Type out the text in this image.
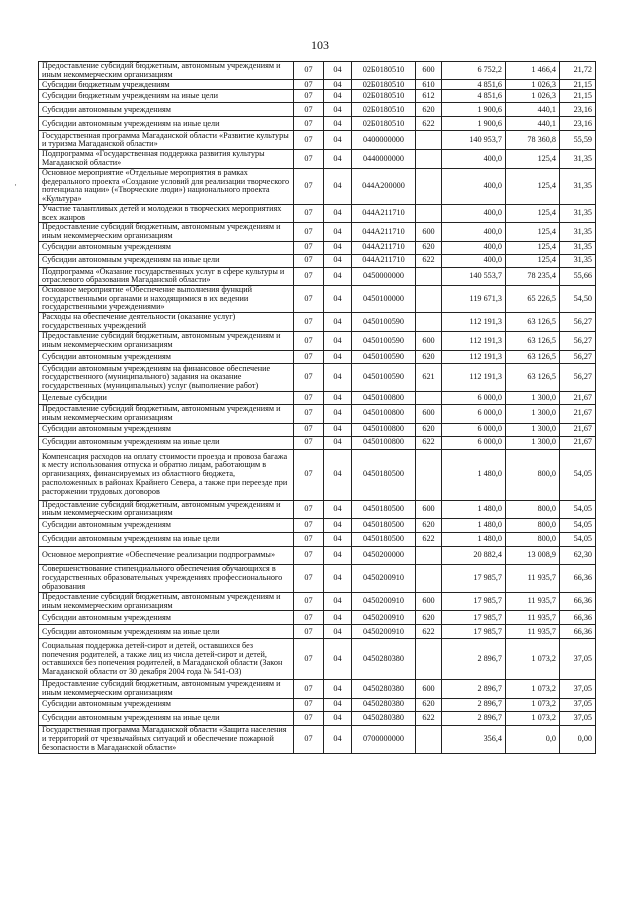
103
·
Предоставление субсидий бюджетным, автономным учреждениям и иным некоммерческим организациям	07	04	02Б0180510	600	6 752,2	1 466,4	21,72
Субсидии бюджетным учреждениям	07	04	02Б0180510	610	4 851,6	1 026,3	21,15
Субсидии бюджетным учреждениям на иные цели	07	04	02Б0180510	612	4 851,6	1 026,3	21,15
Субсидии автономным учреждениям	07	04	02Б0180510	620	1 900,6	440,1	23,16
Субсидии автономным учреждениям на иные цели	07	04	02Б0180510	622	1 900,6	440,1	23,16
Государственная программа Магаданской области «Развитие культуры и туризма Магаданской области»	07	04	0400000000		140 953,7	78 360,8	55,59
Подпрограмма «Государственная поддержка развития культуры Магаданской области»	07	04	0440000000		400,0	125,4	31,35
Основное мероприятие «Отдельные мероприятия в рамках федерального проекта «Создание условий для реализации творческого потенциала нации» («Творческие люди») национального проекта «Культура»	07	04	044A200000		400,0	125,4	31,35
Участие талантливых детей и молодежи в творческих мероприятиях всех жанров	07	04	044A211710		400,0	125,4	31,35
Предоставление субсидий бюджетным, автономным учреждениям и иным некоммерческим организациям	07	04	044A211710	600	400,0	125,4	31,35
Субсидии автономным учреждениям	07	04	044A211710	620	400,0	125,4	31,35
Субсидии автономным учреждениям на иные цели	07	04	044A211710	622	400,0	125,4	31,35
Подпрограмма «Оказание государственных услуг в сфере культуры и отраслевого образования Магаданской области»	07	04	0450000000		140 553,7	78 235,4	55,66
Основное мероприятие «Обеспечение выполнения функций государственными органами и находящимися в их ведении государственными учреждениями»	07	04	0450100000		119 671,3	65 226,5	54,50
Расходы на обеспечение деятельности (оказание услуг) государственных учреждений	07	04	0450100590		112 191,3	63 126,5	56,27
Предоставление субсидий бюджетным, автономным учреждениям и иным некоммерческим организациям	07	04	0450100590	600	112 191,3	63 126,5	56,27
Субсидии автономным учреждениям	07	04	0450100590	620	112 191,3	63 126,5	56,27
Субсидии автономным учреждениям на финансовое обеспечение государственного (муниципального) задания на оказание государственных (муниципальных) услуг (выполнение работ)	07	04	0450100590	621	112 191,3	63 126,5	56,27
Целевые субсидии	07	04	0450100800		6 000,0	1 300,0	21,67
Предоставление субсидий бюджетным, автономным учреждениям и иным некоммерческим организациям	07	04	0450100800	600	6 000,0	1 300,0	21,67
Субсидии автономным учреждениям	07	04	0450100800	620	6 000,0	1 300,0	21,67
Субсидии автономным учреждениям на иные цели	07	04	0450100800	622	6 000,0	1 300,0	21,67
Компенсация расходов на оплату стоимости проезда и провоза багажа к месту использования отпуска и обратно лицам, работающим в организациях, финансируемых из областного бюджета, расположенных в районах Крайнего Севера, а также при переезде при расторжении трудовых договоров	07	04	0450180500		1 480,0	800,0	54,05
Предоставление субсидий бюджетным, автономным учреждениям и иным некоммерческим организациям	07	04	0450180500	600	1 480,0	800,0	54,05
Субсидии автономным учреждениям	07	04	0450180500	620	1 480,0	800,0	54,05
Субсидии автономным учреждениям на иные цели	07	04	0450180500	622	1 480,0	800,0	54,05
Основное мероприятие «Обеспечение реализации подпрограммы»	07	04	0450200000		20 882,4	13 008,9	62,30
Совершенствование стипендиального обеспечения обучающихся в государственных образовательных учреждениях профессионального образования	07	04	0450200910		17 985,7	11 935,7	66,36
Предоставление субсидий бюджетным, автономным учреждениям и иным некоммерческим организациям	07	04	0450200910	600	17 985,7	11 935,7	66,36
Субсидии автономным учреждениям	07	04	0450200910	620	17 985,7	11 935,7	66,36
Субсидии автономным учреждениям на иные цели	07	04	0450200910	622	17 985,7	11 935,7	66,36
Социальная поддержка детей-сирот и детей, оставшихся без попечения родителей, а также лиц из числа детей-сирот и детей, оставшихся без попечения родителей, в Магаданской области (Закон Магаданской области от 30 декабря 2004 года № 541-ОЗ)	07	04	0450280380		2 896,7	1 073,2	37,05
Предоставление субсидий бюджетным, автономным учреждениям и иным некоммерческим организациям	07	04	0450280380	600	2 896,7	1 073,2	37,05
Субсидии автономным учреждениям	07	04	0450280380	620	2 896,7	1 073,2	37,05
Субсидии автономным учреждениям на иные цели	07	04	0450280380	622	2 896,7	1 073,2	37,05
Государственная программа Магаданской области «Защита населения и территорий от чрезвычайных ситуаций и обеспечение пожарной безопасности в Магаданской области»	07	04	0700000000		356,4	0,0	0,00
